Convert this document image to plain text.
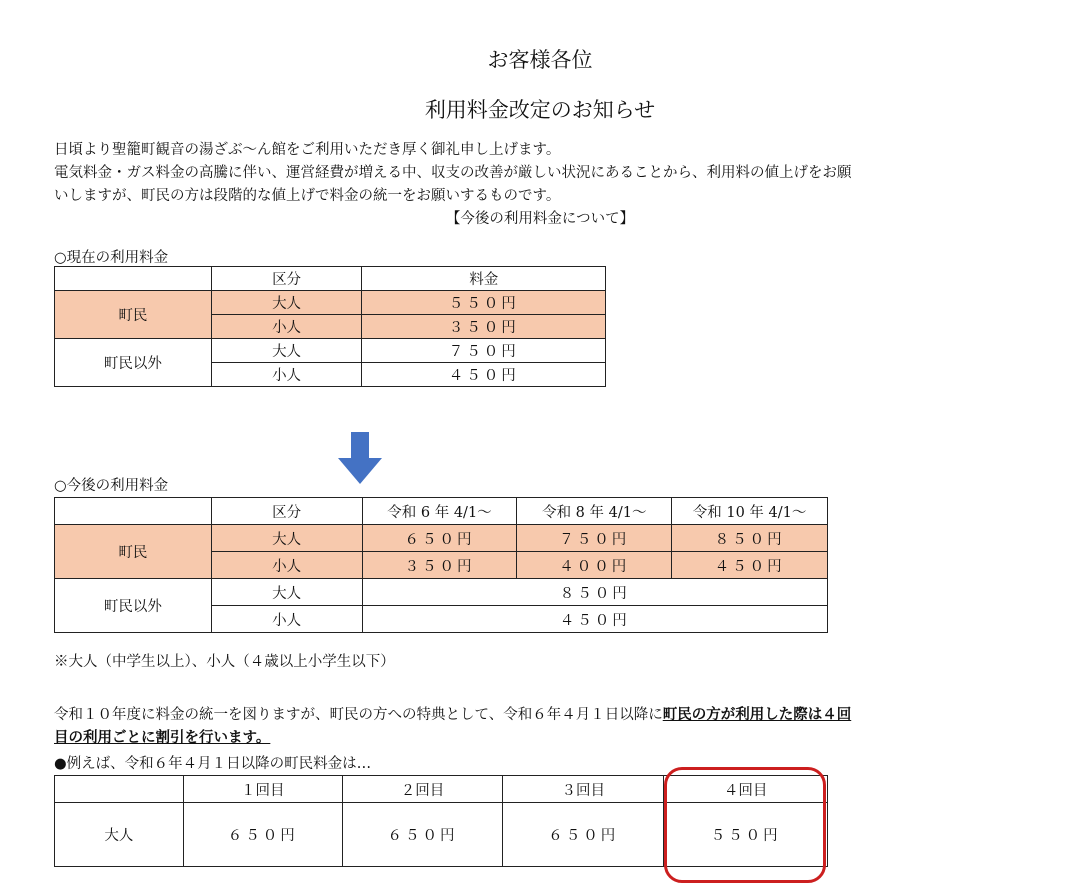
お客様各位
利用料金改定のお知らせ
日頃より聖籠町観音の湯ざぶ～ん館をご利用いただき厚く御礼申し上げます。
電気料金・ガス料金の高騰に伴い、運営経費が増える中、収支の改善が厳しい状況にあることから、利用料の値上げをお願
いしますが、町民の方は段階的な値上げで料金の統一をお願いするものです。
【今後の利用料金について】
○現在の利用料金
	区分	料金
町民	大人	５５０円
	小人	３５０円
町民以外	大人	７５０円
	小人	４５０円
○今後の利用料金
	区分	令和 6 年 4/1～	令和 8 年 4/1～	令和 10 年 4/1～
町民	大人	６５０円	７５０円	８５０円
	小人	３５０円	４００円	４５０円
町民以外	大人	８５０円		
	小人	４５０円		
※大人（中学生以上）、小人（４歳以上小学生以下）
令和１０年度に料金の統一を図りますが、町民の方への特典として、令和６年４月１日以降に町民の方が利用した際は４回
目の利用ごとに割引を行います。
●例えば、令和６年４月１日以降の町民料金は…
	１回目	２回目	３回目	４回目
大人	６５０円	６５０円	６５０円	５５０円
